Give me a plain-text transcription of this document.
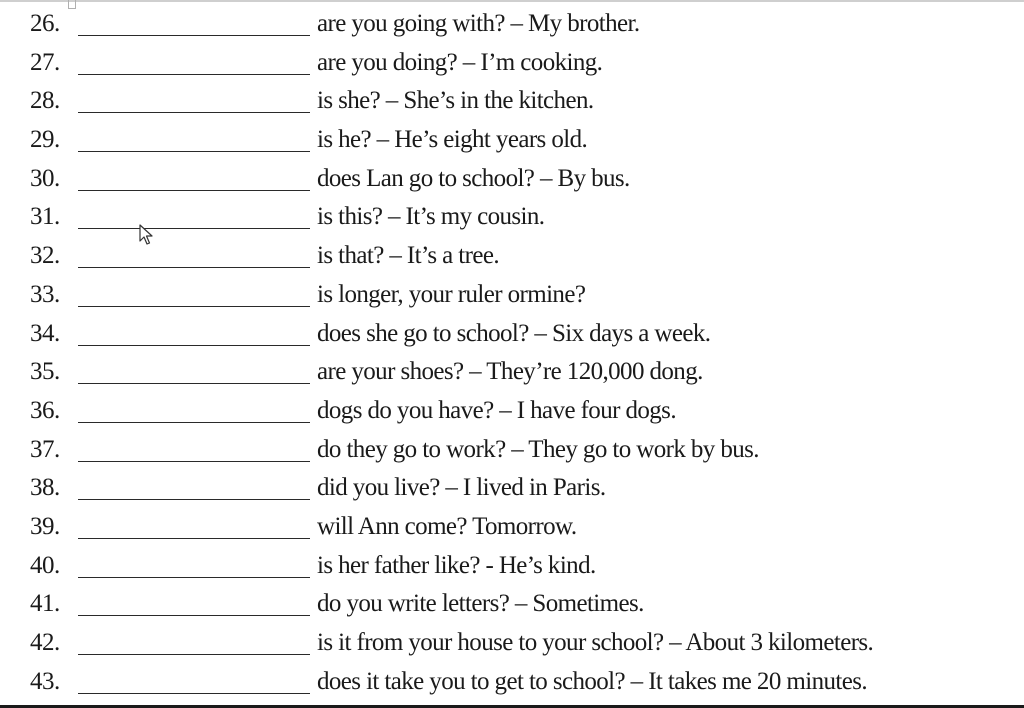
26.	are you going with? – My brother.
27.	are you doing? – I’m cooking.
28.	is she? – She’s in the kitchen.
29.	is he? – He’s eight years old.
30.	does Lan go to school? – By bus.
31.	is this? – It’s my cousin.
32.	is that? – It’s a tree.
33.	is longer, your ruler ormine?
34.	does she go to school? – Six days a week.
35.	are your shoes? – They’re 120,000 dong.
36.	dogs do you have? – I have four dogs.
37.	do they go to work? – They go to work by bus.
38.	did you live? – I lived in Paris.
39.	will Ann come? Tomorrow.
40.	is her father like? - He’s kind.
41.	do you write letters? – Sometimes.
42.	is it from your house to your school? – About 3 kilometers.
43.	does it take you to get to school? – It takes me 20 minutes.
